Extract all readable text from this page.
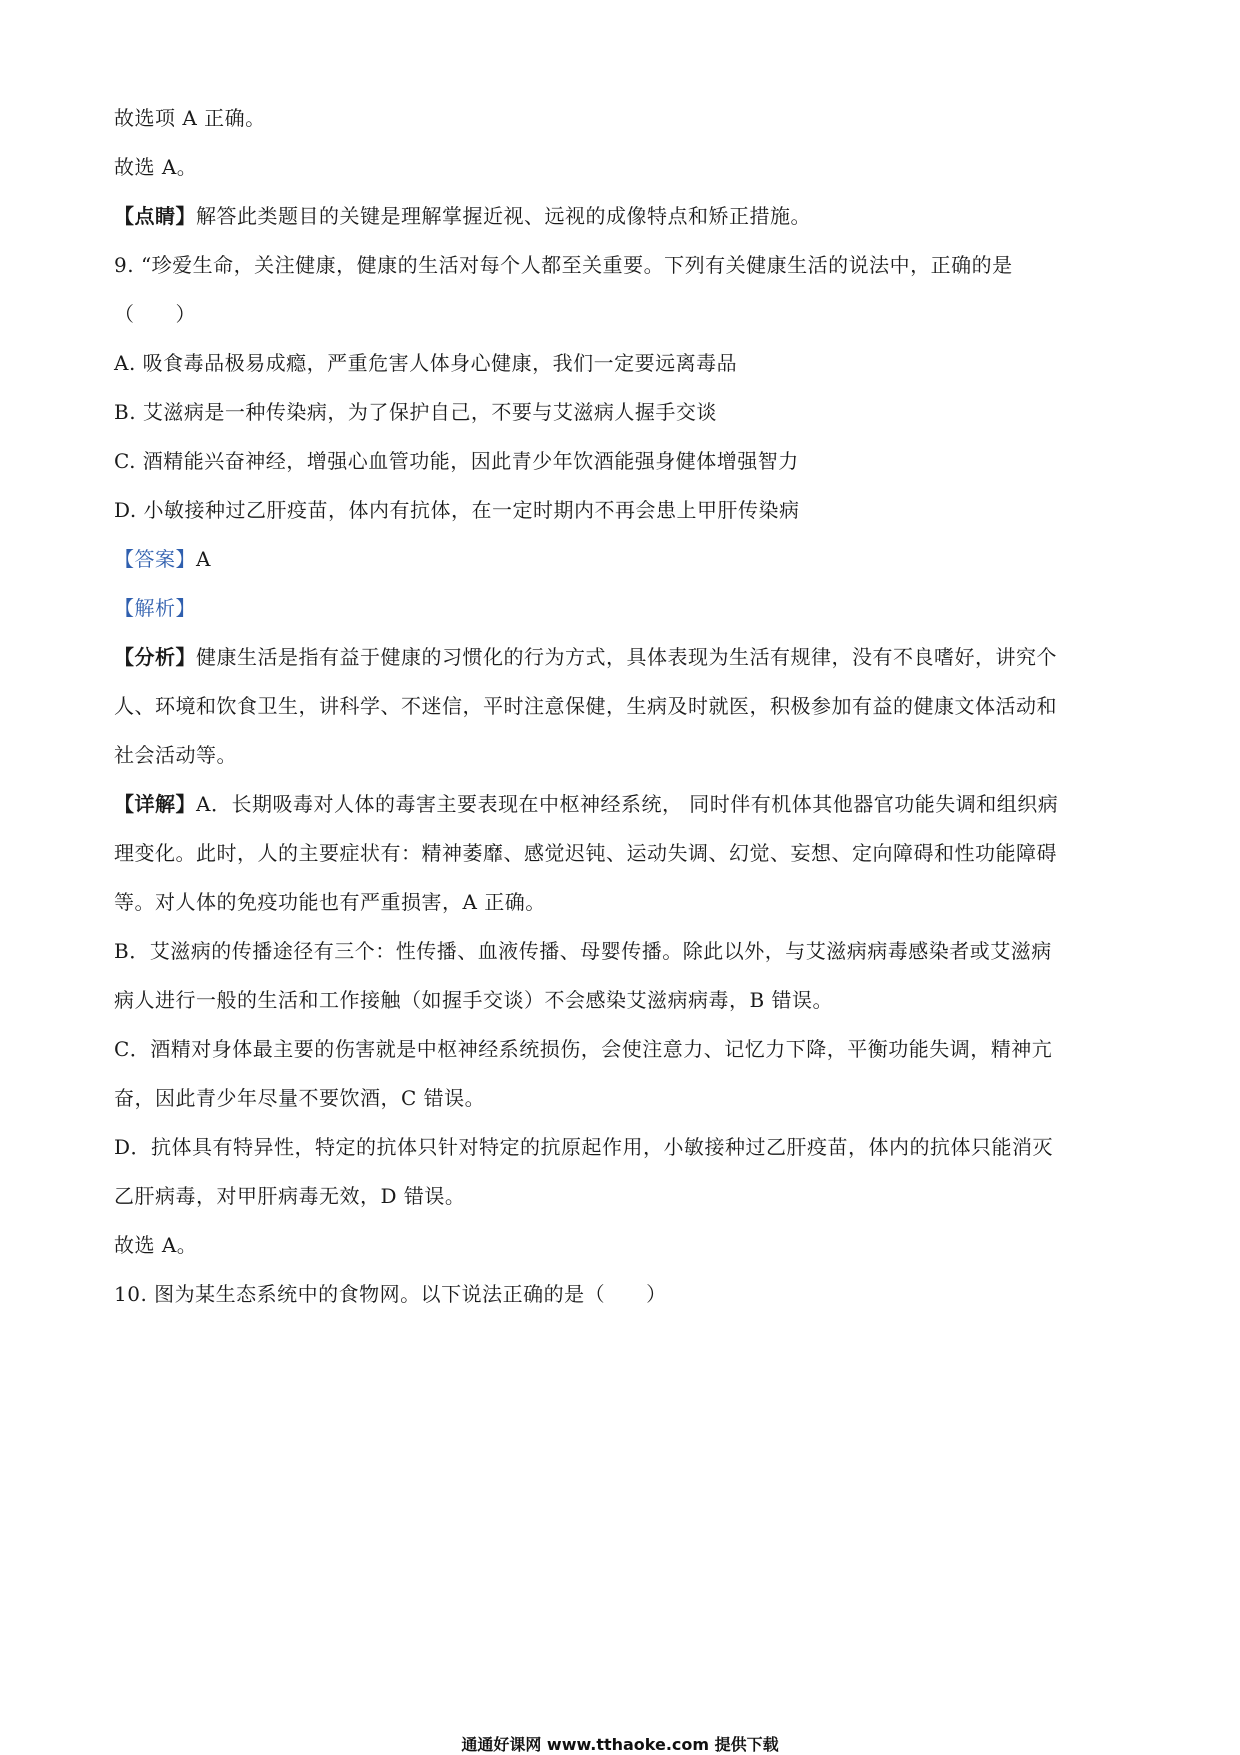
故选项 A 正确。
故选 A。
【点睛】解答此类题目的关键是理解掌握近视、远视的成像特点和矫正措施。
9. “珍爱生命，关注健康，健康的生活对每个人都至关重要。下列有关健康生活的说法中，正确的是
（　　）
A. 吸食毒品极易成瘾，严重危害人体身心健康，我们一定要远离毒品
B. 艾滋病是一种传染病，为了保护自己，不要与艾滋病人握手交谈
C. 酒精能兴奋神经，增强心血管功能，因此青少年饮酒能强身健体增强智力
D. 小敏接种过乙肝疫苗，体内有抗体，在一定时期内不再会患上甲肝传染病
【答案】A
【解析】
【分析】健康生活是指有益于健康的习惯化的行为方式，具体表现为生活有规律，没有不良嗜好，讲究个
人、环境和饮食卫生，讲科学、不迷信，平时注意保健，生病及时就医，积极参加有益的健康文体活动和
社会活动等。
【详解】A．长期吸毒对人体的毒害主要表现在中枢神经系统， 同时伴有机体其他器官功能失调和组织病
理变化。此时，人的主要症状有：精神萎靡、感觉迟钝、运动失调、幻觉、妄想、定向障碍和性功能障碍
等。对人体的免疫功能也有严重损害，A 正确。
B．艾滋病的传播途径有三个：性传播、血液传播、母婴传播。除此以外，与艾滋病病毒感染者或艾滋病
病人进行一般的生活和工作接触（如握手交谈）不会感染艾滋病病毒，B 错误。
C．酒精对身体最主要的伤害就是中枢神经系统损伤，会使注意力、记忆力下降，平衡功能失调，精神亢
奋，因此青少年尽量不要饮酒，C 错误。
D．抗体具有特异性，特定的抗体只针对特定的抗原起作用，小敏接种过乙肝疫苗，体内的抗体只能消灭
乙肝病毒，对甲肝病毒无效，D 错误。
故选 A。
10. 图为某生态系统中的食物网。以下说法正确的是（　　）
通通好课网 www.tthaoke.com 提供下载
